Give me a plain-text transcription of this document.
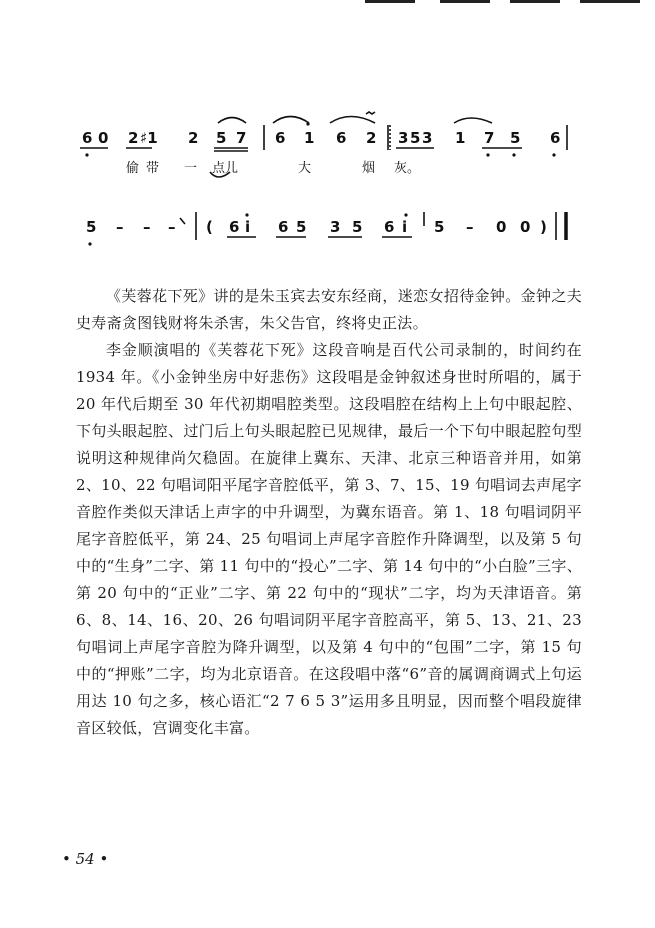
6 0 2 ♯1 2 5 7 6 1 6 2 3 5 3 1 7 5 6
偷 带 一 点儿	大	烟 灰。
5 – – – ( 6 i 6 5 3 5 6 i 5 – 0 0 )

《芙蓉花下死》讲的是朱玉宾去安东经商，迷恋女招待金钟。金钟之夫史寿斋贪图钱财将朱杀害，朱父告官，终将史正法。

李金顺演唱的《芙蓉花下死》这段音响是百代公司录制的，时间约在 1934 年。《小金钟坐房中好悲伤》这段唱是金钟叙述身世时所唱的，属于 20 年代后期至 30 年代初期唱腔类型。这段唱腔在结构上上句中眼起腔、下句头眼起腔、过门后上句头眼起腔已见规律，最后一个下句中眼起腔句型说明这种规律尚欠稳固。在旋律上冀东、天津、北京三种语音并用，如第 2、10、22 句唱词阳平尾字音腔低平，第 3、7、15、19 句唱词去声尾字音腔作类似天津话上声字的中升调型，为冀东语音。第 1、18 句唱词阴平尾字音腔低平，第 24、25 句唱词上声尾字音腔作升降调型，以及第 5 句中的“生身”二字、第 11 句中的“投心”二字、第 14 句中的“小白脸”三字、第 20 句中的“正业”二字、第 22 句中的“现状”二字，均为天津语音。第 6、8、14、16、20、26 句唱词阴平尾字音腔高平，第 5、13、21、23 句唱词上声尾字音腔为降升调型，以及第 4 句中的“包围”二字，第 15 句中的“押账”二字，均为北京语音。在这段唱中落“6”音的属调商调式上句运用达 10 句之多，核心语汇“2 7 6 5 3”运用多且明显，因而整个唱段旋律音区较低，宫调变化丰富。

• 54 •
